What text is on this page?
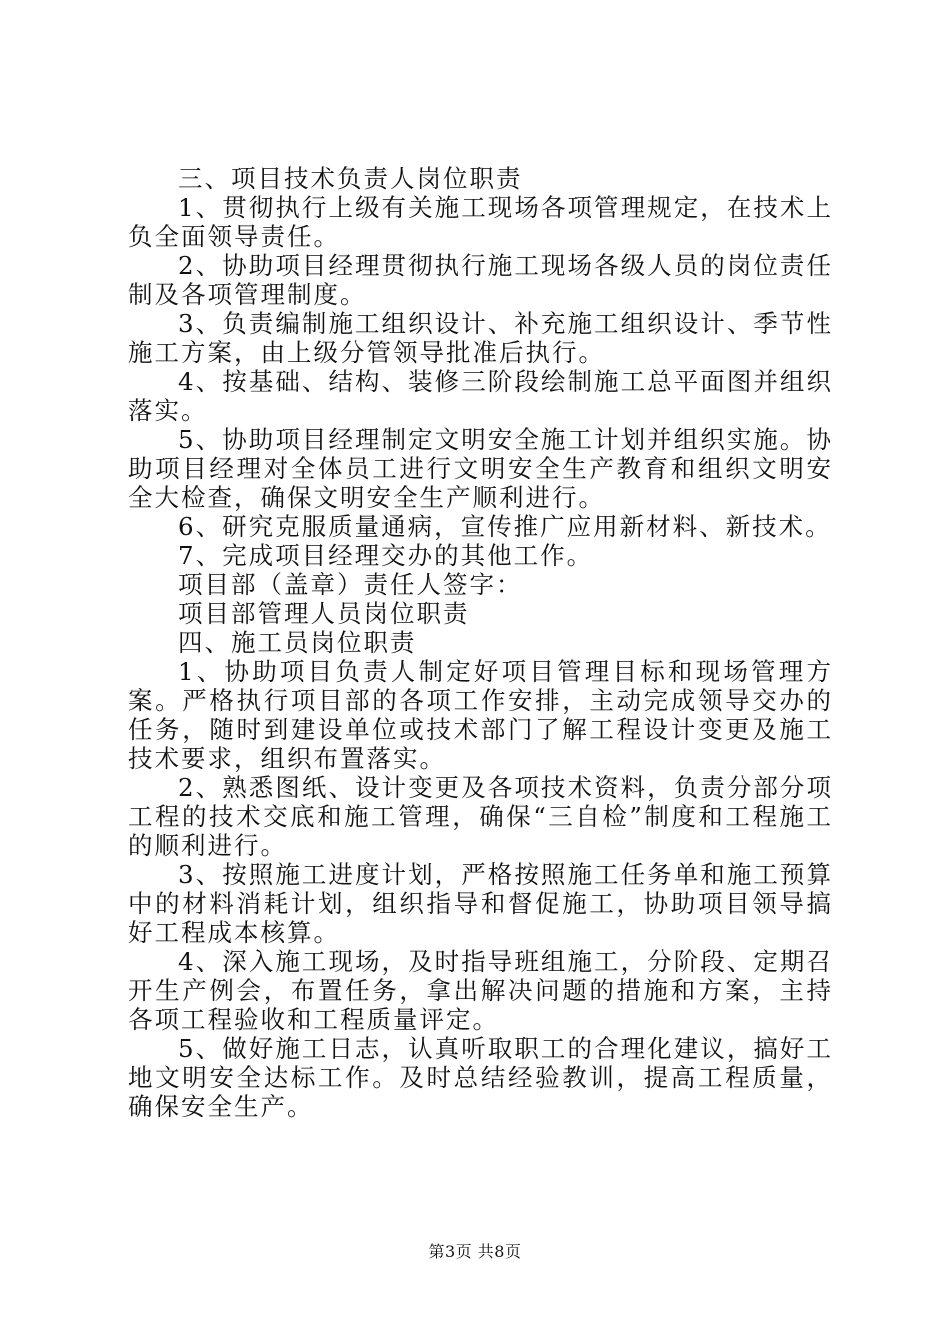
三、项目技术负责人岗位职责

1、贯彻执行上级有关施工现场各项管理规定，在技术上负全面领导责任。

2、协助项目经理贯彻执行施工现场各级人员的岗位责任制及各项管理制度。

3、负责编制施工组织设计、补充施工组织设计、季节性施工方案，由上级分管领导批准后执行。

4、按基础、结构、装修三阶段绘制施工总平面图并组织落实。

5、协助项目经理制定文明安全施工计划并组织实施。协助项目经理对全体员工进行文明安全生产教育和组织文明安全大检查，确保文明安全生产顺利进行。

6、研究克服质量通病，宣传推广应用新材料、新技术。

7、完成项目经理交办的其他工作。

项目部（盖章）责任人签字：

项目部管理人员岗位职责

四、施工员岗位职责

1、协助项目负责人制定好项目管理目标和现场管理方案。严格执行项目部的各项工作安排，主动完成领导交办的任务，随时到建设单位或技术部门了解工程设计变更及施工技术要求，组织布置落实。

2、熟悉图纸、设计变更及各项技术资料，负责分部分项工程的技术交底和施工管理，确保“三自检”制度和工程施工的顺利进行。

3、按照施工进度计划，严格按照施工任务单和施工预算中的材料消耗计划，组织指导和督促施工，协助项目领导搞好工程成本核算。

4、深入施工现场，及时指导班组施工，分阶段、定期召开生产例会，布置任务，拿出解决问题的措施和方案，主持各项工程验收和工程质量评定。

5、做好施工日志，认真听取职工的合理化建议，搞好工地文明安全达标工作。及时总结经验教训，提高工程质量，确保安全生产。

第3页 共8页
